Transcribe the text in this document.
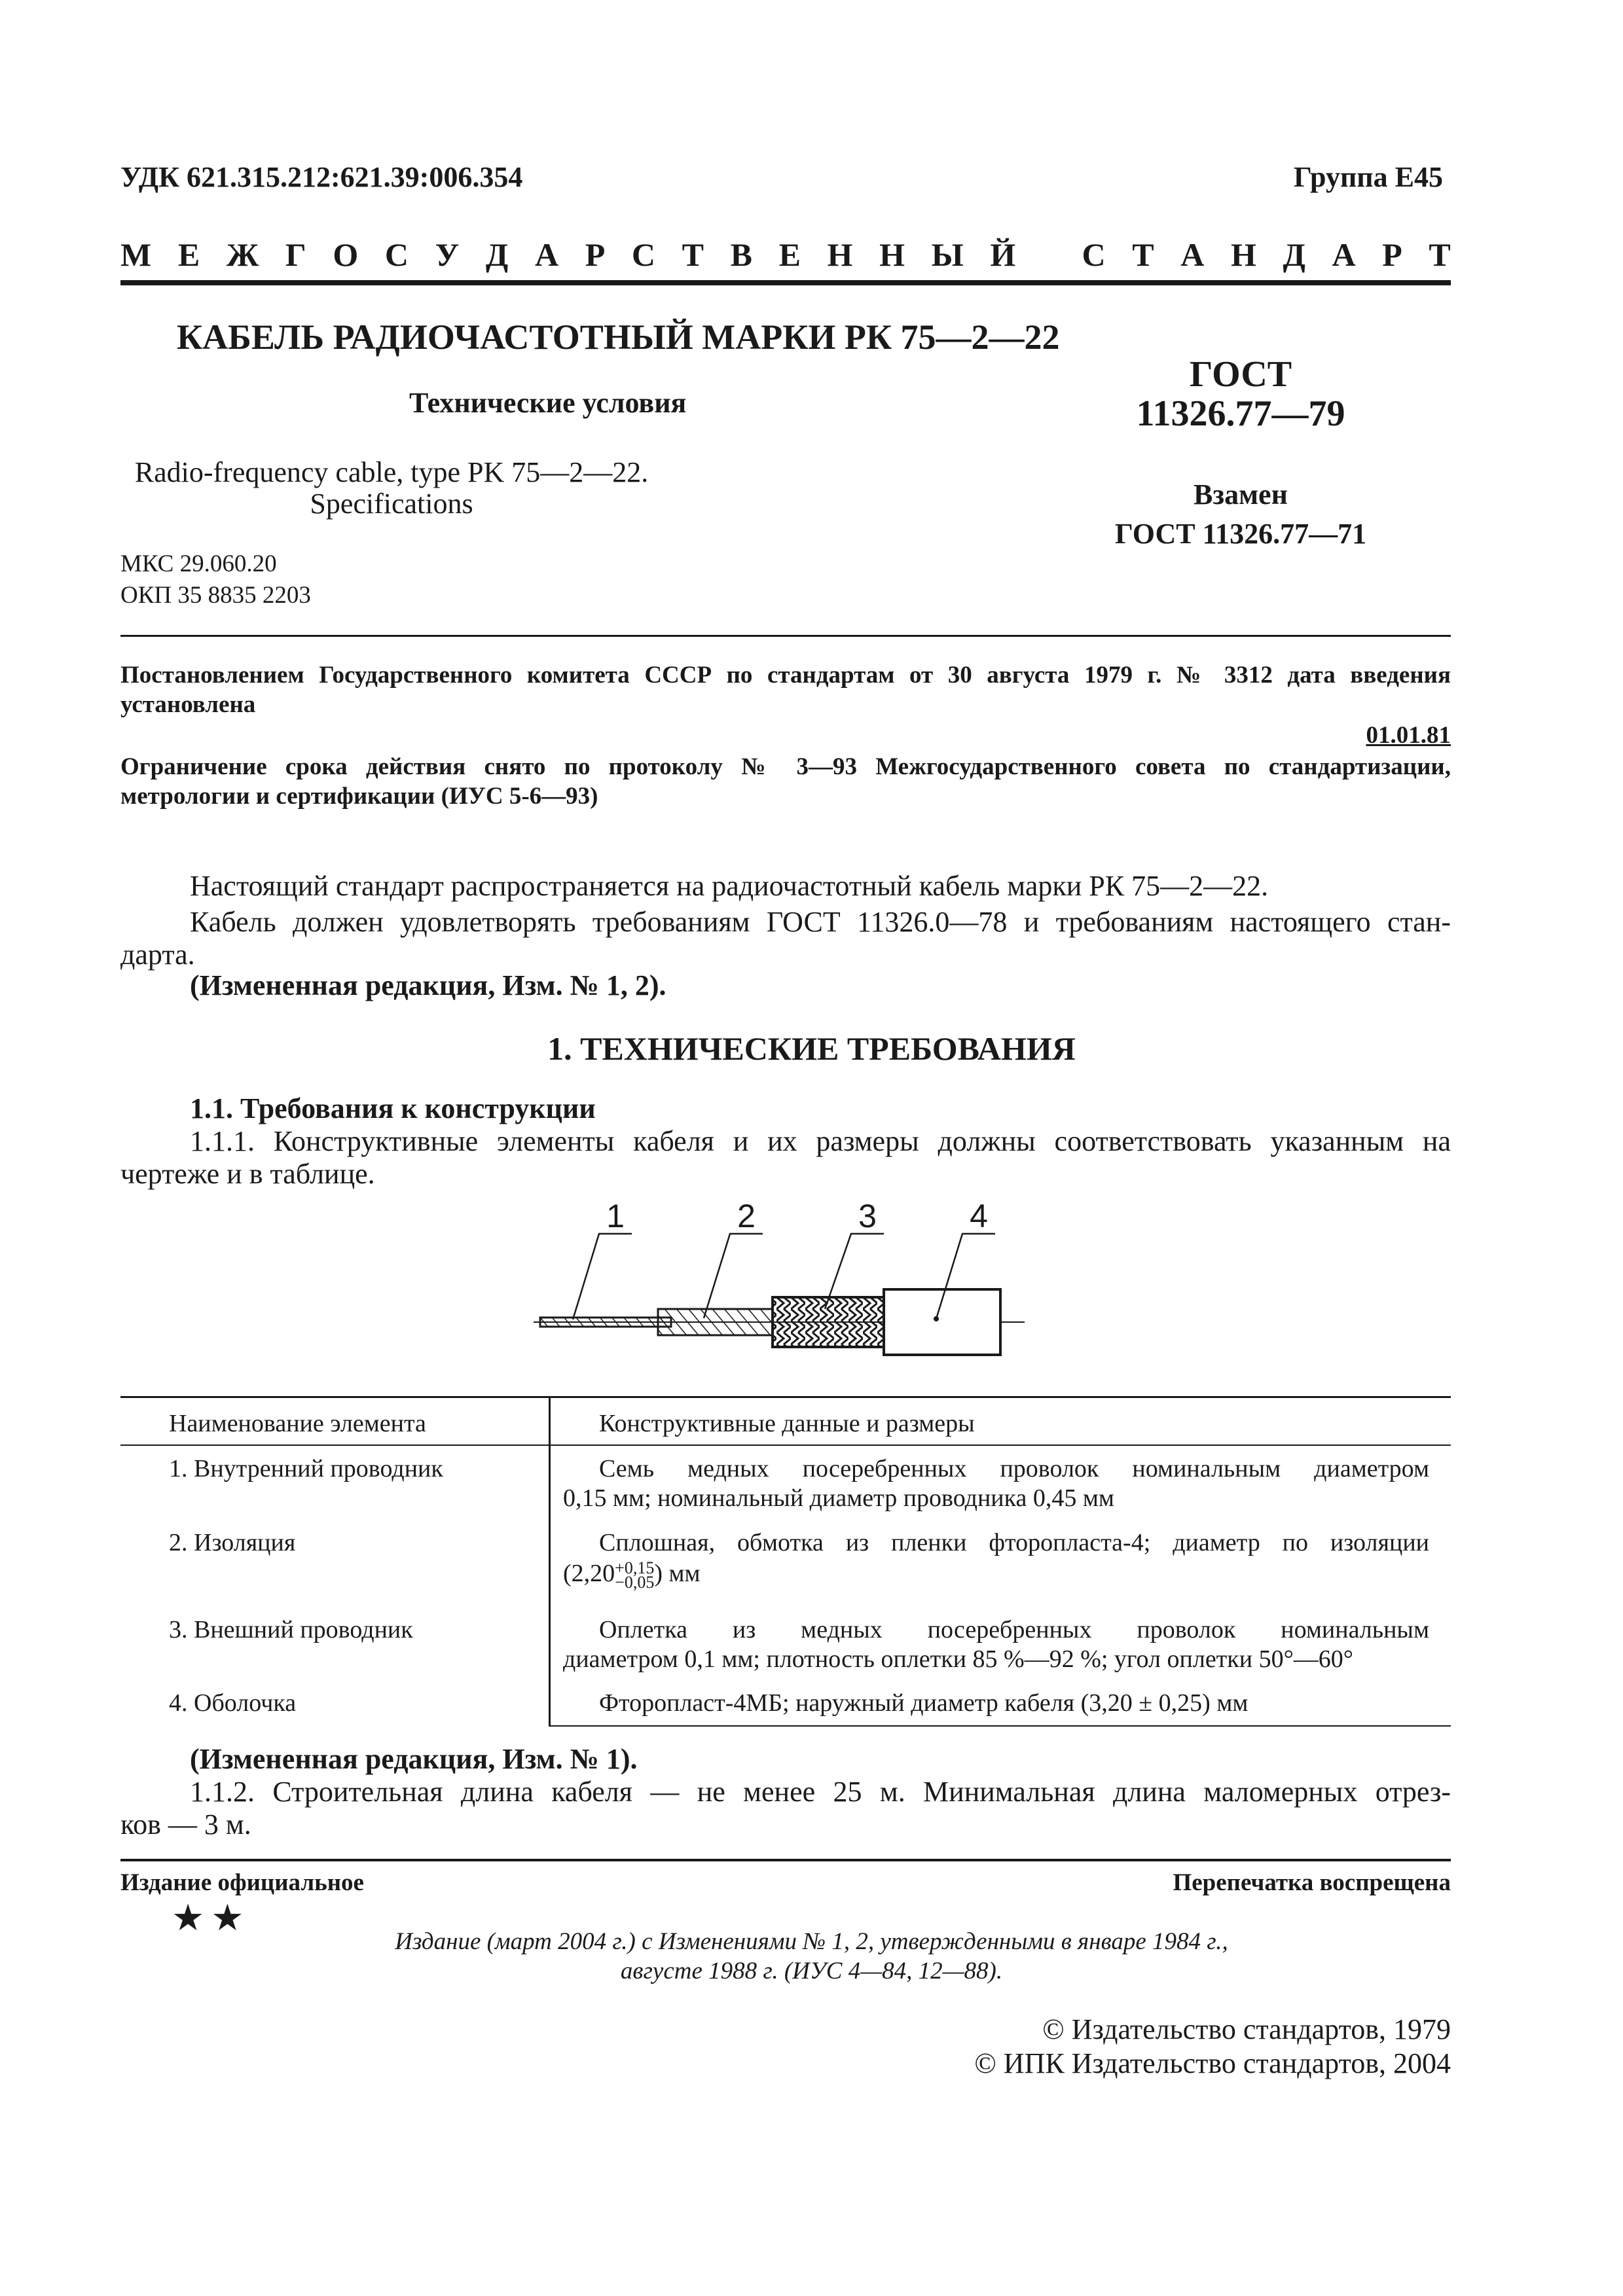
УДК 621.315.212:621.39:006.354	Группа Е45
М Е Ж Г О С У Д А Р С Т В Е Н Н Ы Й С Т А Н Д А Р Т
КАБЕЛЬ РАДИОЧАСТОТНЫЙ МАРКИ РК 75—2—22
Технические условия
Radio-frequency cable, type PK 75—2—22.
Specifications
ГОСТ
11326.77—79
Взамен
ГОСТ 11326.77—71
МКС 29.060.20
ОКП 35 8835 2203
Постановлением Государственного комитета СССР по стандартам от 30 августа 1979 г. № 3312 дата введения
установлена
01.01.81
Ограничение срока действия снято по протоколу № 3—93 Межгосударственного совета по стандартизации,
метрологии и сертификации (ИУС 5-6—93)
Настоящий стандарт распространяется на радиочастотный кабель марки РК 75—2—22.
Кабель должен удовлетворять требованиям ГОСТ 11326.0—78 и требованиям настоящего стан-
дарта.
(Измененная редакция, Изм. № 1, 2).
1. ТЕХНИЧЕСКИЕ ТРЕБОВАНИЯ
1.1. Требования к конструкции
1.1.1. Конструктивные элементы кабеля и их размеры должны соответствовать указанным на
чертеже и в таблице.
1	2	3	4
Наименование элемента	Конструктивные данные и размеры
1. Внутренний проводник	Семь медных посеребренных проволок номинальным диаметром
0,15 мм; номинальный диаметр проводника 0,45 мм
2. Изоляция	Сплошная, обмотка из пленки фторопласта-4; диаметр по изоляции
(2,20 +0,15
−0,05 ) мм
3. Внешний проводник	Оплетка из медных посеребренных проволок номинальным
диаметром 0,1 мм; плотность оплетки 85 %—92 %; угол оплетки 50°—60°
4. Оболочка	Фторопласт-4МБ; наружный диаметр кабеля (3,20 ± 0,25) мм
(Измененная редакция, Изм. № 1).
1.1.2. Строительная длина кабеля — не менее 25 м. Минимальная длина маломерных отрез-
ков — 3 м.
Издание официальное	Перепечатка воспрещена
★★
Издание (март 2004 г.) с Изменениями № 1, 2, утвержденными в январе 1984 г.,
августе 1988 г. (ИУС 4—84, 12—88).
© Издательство стандартов, 1979
© ИПК Издательство стандартов, 2004
